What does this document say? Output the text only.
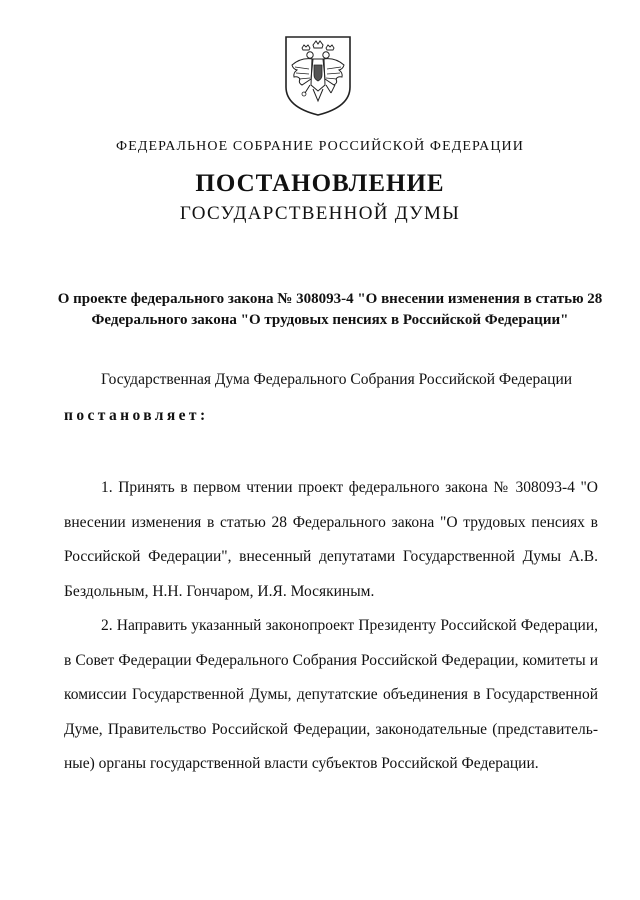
ФЕДЕРАЛЬНОЕ СОБРАНИЕ РОССИЙСКОЙ ФЕДЕРАЦИИ
ПОСТАНОВЛЕНИЕ
ГОСУДАРСТВЕННОЙ ДУМЫ
О проекте федерального закона № 308093-4 "О внесении изменения в статью 28 Федерального закона "О трудовых пенсиях в Российской Федерации"
Государственная Дума Федерального Собрания Российской Федерации
постановляет:
1. Принять в первом чтении проект федерального закона № 308093-4 "О внесении изменения в статью 28 Федерального закона "О трудовых пенсиях в Российской Федерации", внесенный депутатами Государственной Думы А.В. Бездольным, Н.Н. Гончаром, И.Я. Мосякиным.
2. Направить указанный законопроект Президенту Российской Федерации, в Совет Федерации Федерального Собрания Российской Федерации, комитеты и комиссии Государственной Думы, депутатские объединения в Государственной Думе, Правительство Российской Федерации, законодательные (представительные) органы государственной власти субъектов Российской Федерации.
